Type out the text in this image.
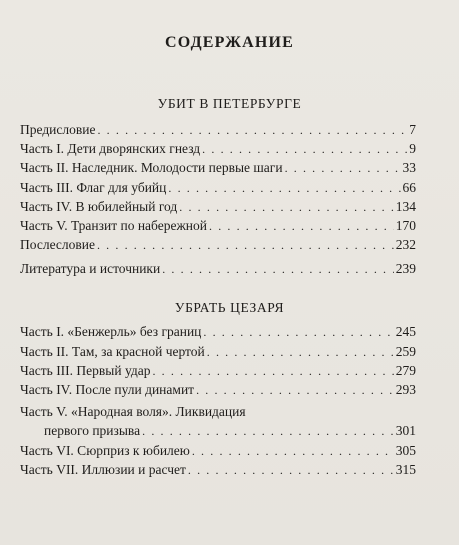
СОДЕРЖАНИЕ
УБИТ В ПЕТЕРБУРГЕ
Предисловие . . .	7
Часть I. Дети дворянских гнезд . . .	9
Часть II. Наследник. Молодости первые шаги . . .	33
Часть III. Флаг для убийц . . .	66
Часть IV. В юбилейный год . . .	134
Часть V. Транзит по набережной . . .	170
Послесловие . . .	232
Литература и источники . . .	239
УБРАТЬ ЦЕЗАРЯ
Часть I. «Бенжерль» без границ . . .	245
Часть II. Там, за красной чертой . . .	259
Часть III. Первый удар . . .	279
Часть IV. После пули динамит . . .	293
Часть V. «Народная воля». Ликвидация
первого призыва . . .	301
Часть VI. Сюрприз к юбилею . . .	305
Часть VII. Иллюзии и расчет . . .	315
